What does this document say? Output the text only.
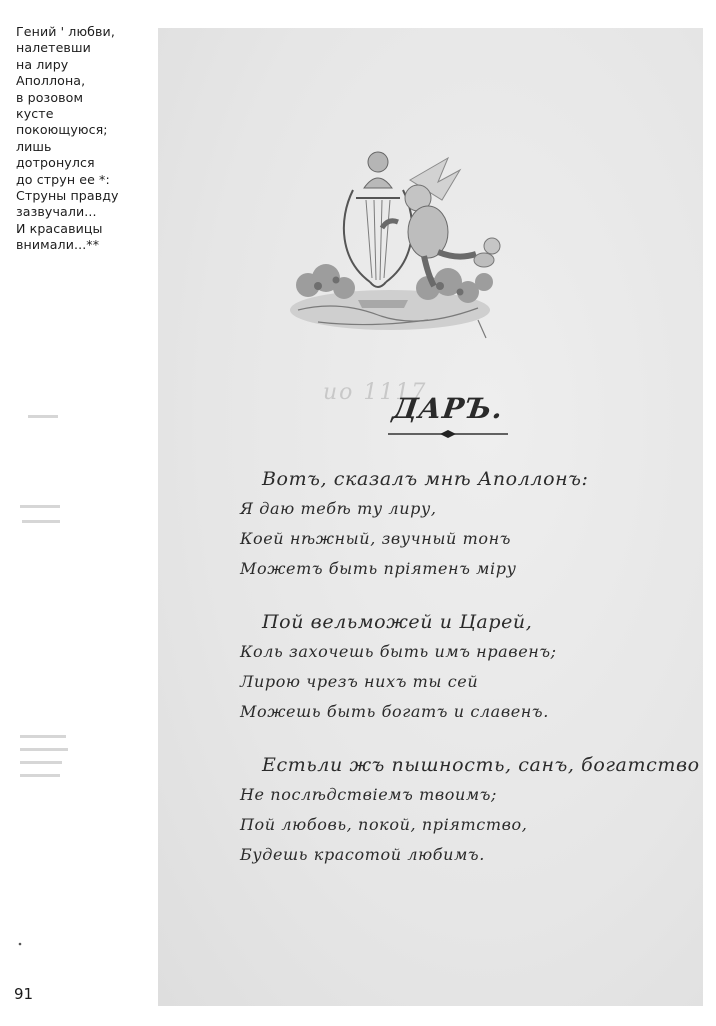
Гений ' любви,
налетевши
на лиру
Аполлона,
в розовом
кусте
покоющуюся;
лишь
дотронулся
до струн ее *:
Струны правду
зазвучали...
И красавицы
внимали...**
ио 1117
ДАРЪ.
Вотъ, сказалъ мнѣ Аполлонъ:
Я даю тебѣ ту лиру,
Коей нѣжный, звучный тонъ
Можетъ быть пріятенъ міру
Пой вельможей и Царей,
Коль захочешь быть имъ нравенъ;
Лирою чрезъ нихъ ты сей
Можешь быть богатъ и славенъ.
Естьли жъ пышность, санъ, богатство
Не послѣдствіемъ твоимъ;
Пой любовь, покой, пріятство,
Будешь красотой любимъ.
91
